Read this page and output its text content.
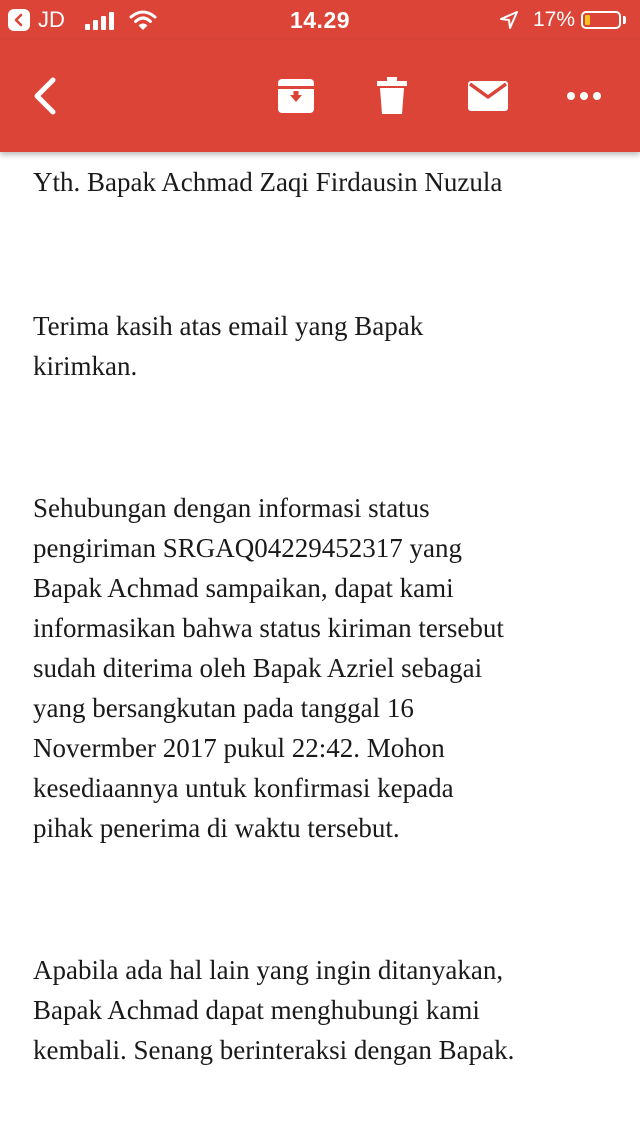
JD	14.29	17%

Yth. Bapak Achmad Zaqi Firdausin Nuzula

Terima kasih atas email yang Bapak
kirimkan.

Sehubungan dengan informasi status
pengiriman SRGAQ04229452317 yang
Bapak Achmad sampaikan, dapat kami
informasikan bahwa status kiriman tersebut
sudah diterima oleh Bapak Azriel sebagai
yang bersangkutan pada tanggal 16
Novermber 2017 pukul 22:42. Mohon
kesediaannya untuk konfirmasi kepada
pihak penerima di waktu tersebut.

Apabila ada hal lain yang ingin ditanyakan,
Bapak Achmad dapat menghubungi kami
kembali. Senang berinteraksi dengan Bapak.
